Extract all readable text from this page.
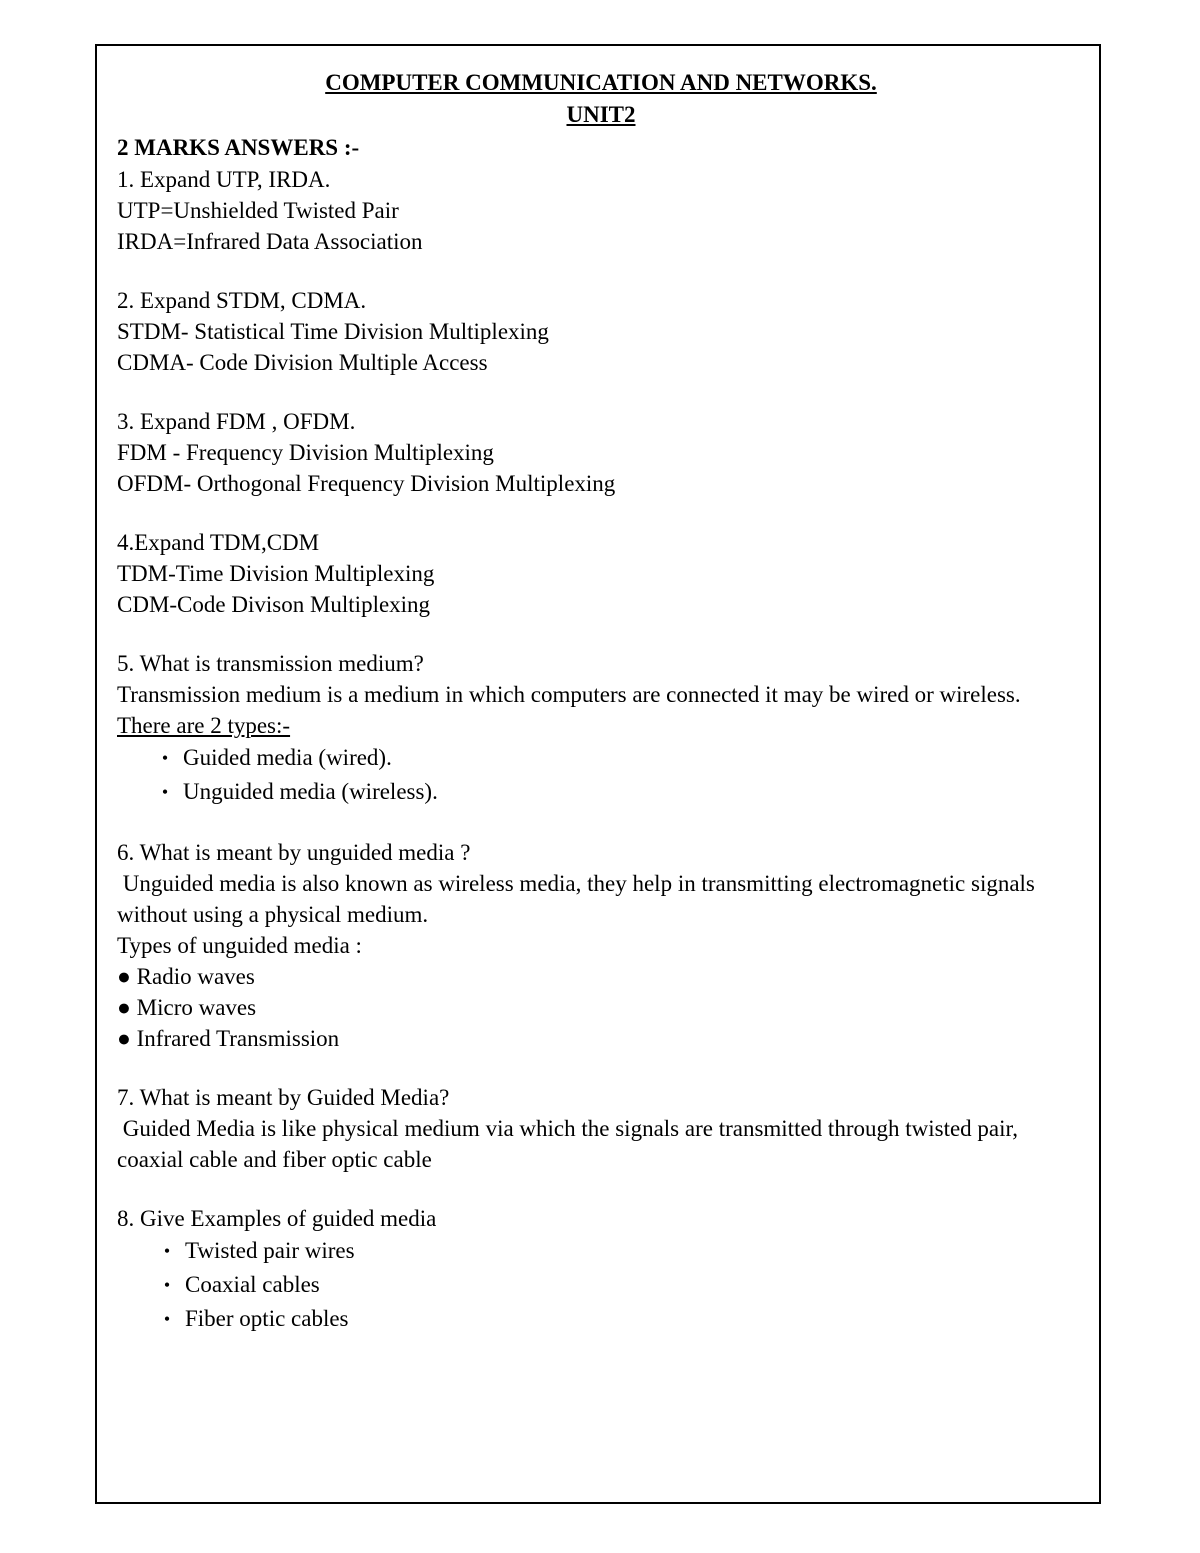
COMPUTER COMMUNICATION AND NETWORKS.
UNIT2
2 MARKS ANSWERS :-
1. Expand UTP, IRDA.
UTP=Unshielded Twisted Pair
IRDA=Infrared Data Association
2. Expand STDM, CDMA.
STDM- Statistical Time Division Multiplexing
CDMA- Code Division Multiple Access
3. Expand FDM , OFDM.
FDM - Frequency Division Multiplexing
OFDM- Orthogonal Frequency Division Multiplexing
4.Expand TDM,CDM
TDM-Time Division Multiplexing
CDM-Code Divison Multiplexing
5. What is transmission medium?
Transmission medium is a medium in which computers are connected it may be wired or wireless.
There are 2 types:-
• Guided media (wired).
• Unguided media (wireless).
6. What is meant by unguided media ?
Unguided media is also known as wireless media, they help in transmitting electromagnetic signals without using a physical medium.
Types of unguided media :
● Radio waves
● Micro waves
● Infrared Transmission
7. What is meant by Guided Media?
Guided Media is like physical medium via which the signals are transmitted through twisted pair, coaxial cable and fiber optic cable
8. Give Examples of guided media
• Twisted pair wires
• Coaxial cables
• Fiber optic cables
